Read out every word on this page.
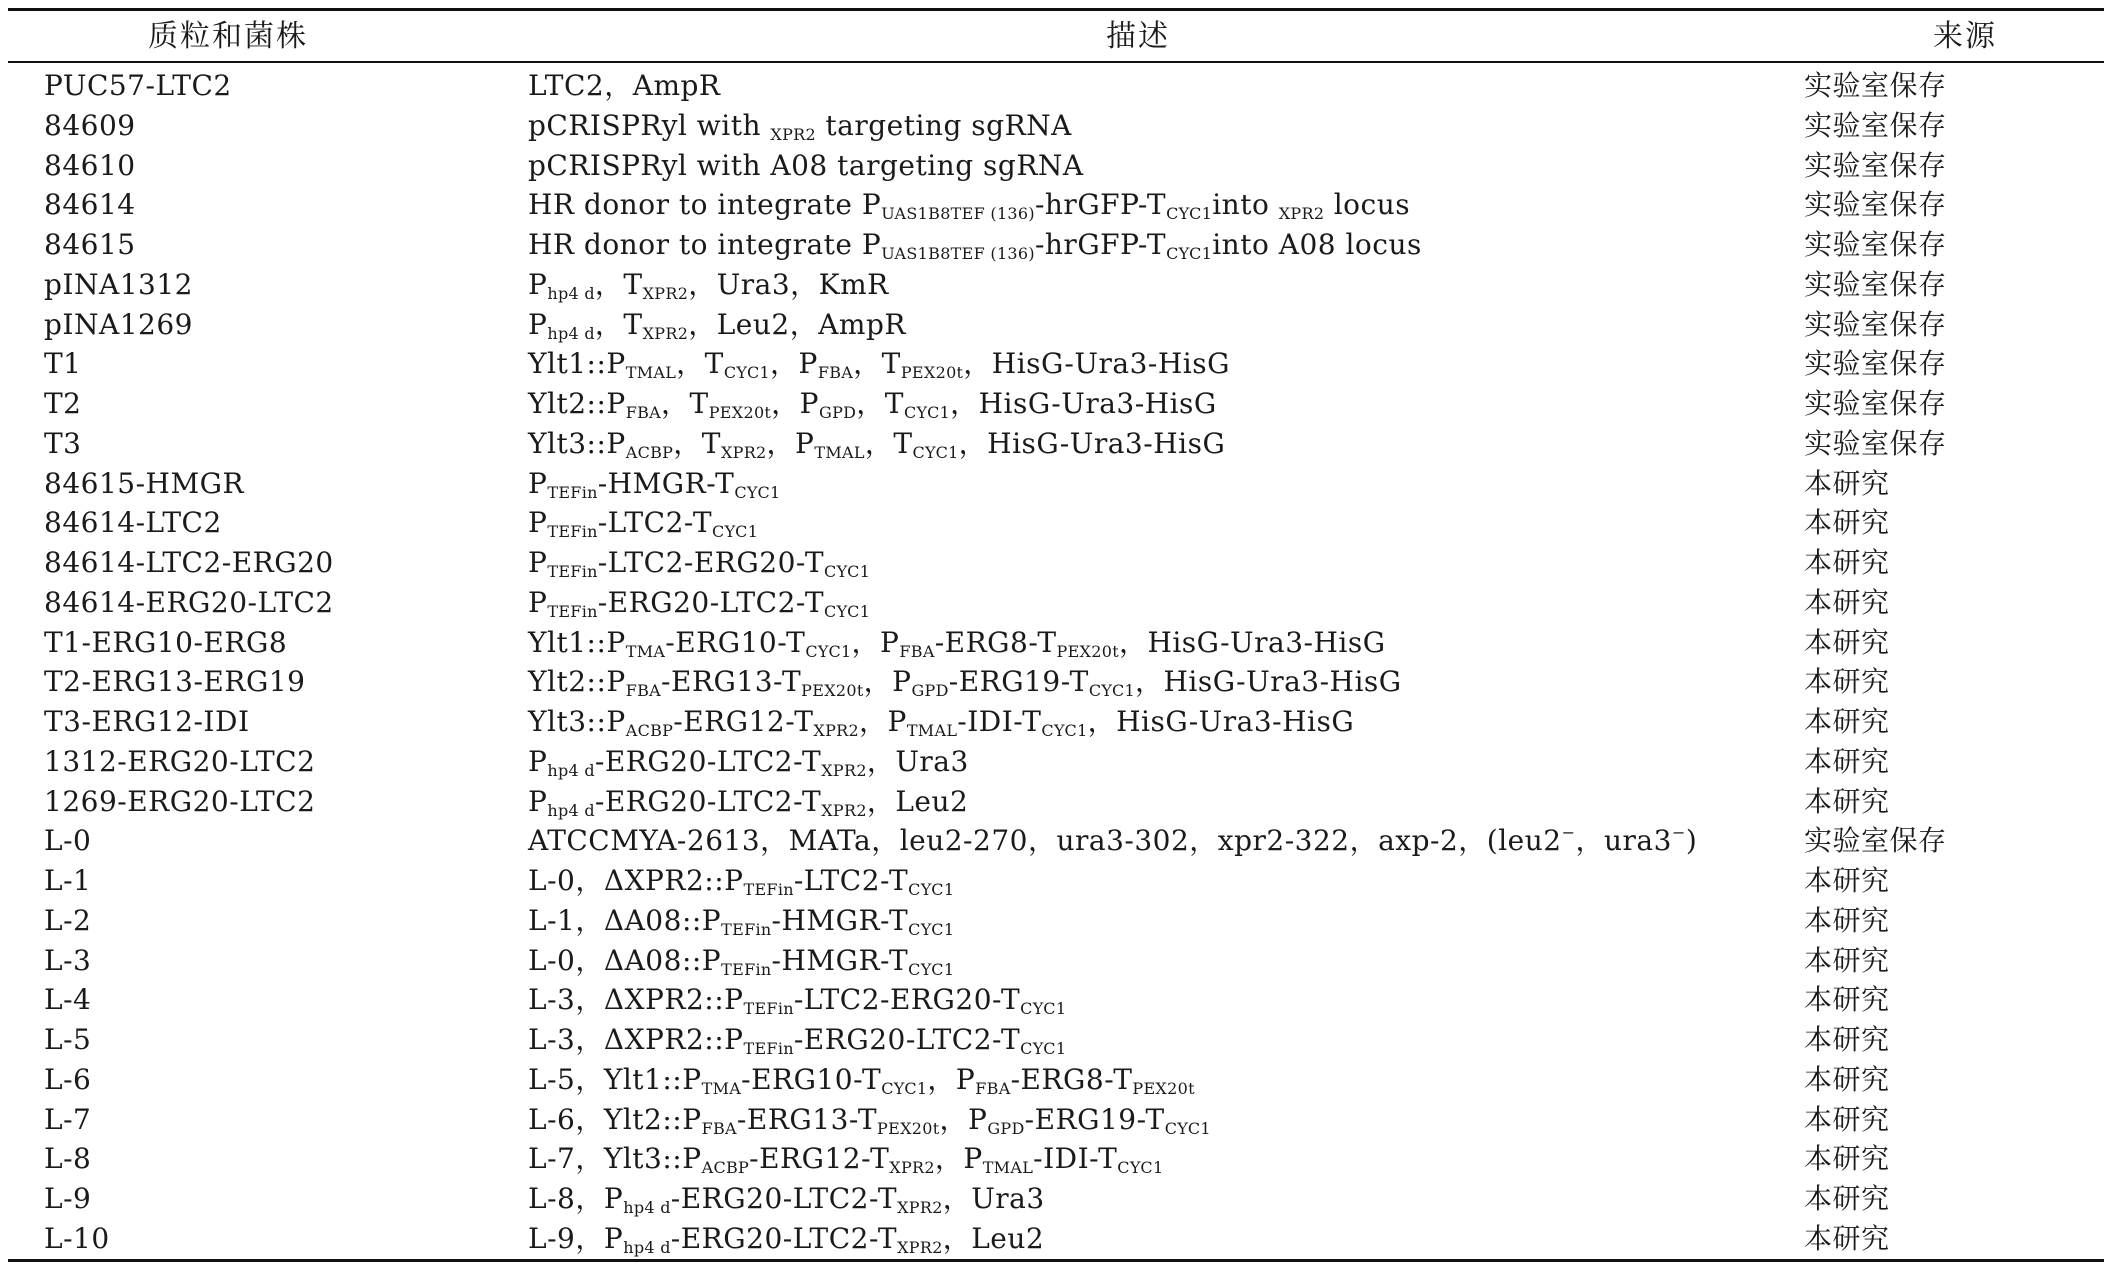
质粒和菌株	描述	来源
PUC57-LTC2	LTC2，AmpR	实验室保存
84609	pCRISPRyl with $_{XPR2}$ targeting sgRNA	实验室保存
84610	pCRISPRyl with A08 targeting sgRNA	实验室保存
84614	HR donor to integrate $P_{UAS1B8TEF (136)}-hrGFP-T_{CYC1}into$ $_{XPR2}$ locus	实验室保存
84615	HR donor to integrate $P_{UAS1B8TEF (136)}-hrGFP-T_{CYC1}into$ A08 locus	实验室保存
pINA1312	$P_{hp4 d}$，$T_{XPR2}$，Ura3，KmR	实验室保存
pINA1269	$P_{hp4 d}$，$T_{XPR2}$，Leu2，AmpR	实验室保存
T1	$Ylt1::P_{TMAL}$，$T_{CYC1}$，$P_{FBA}$，$T_{PEX20t}$，HisG-Ura3-HisG	实验室保存
T2	$Ylt2::P_{FBA}$，$T_{PEX20t}$，$P_{GPD}$，$T_{CYC1}$，HisG-Ura3-HisG	实验室保存
T3	$Ylt3::P_{ACBP}$，$T_{XPR2}$，$P_{TMAL}$，$T_{CYC1}$，HisG-Ura3-HisG	实验室保存
84615-HMGR	$P_{TEFin}-HMGR-T_{CYC1}$	本研究
84614-LTC2	$P_{TEFin}-LTC2-T_{CYC1}$	本研究
84614-LTC2-ERG20	$P_{TEFin}-LTC2-ERG20-T_{CYC1}$	本研究
84614-ERG20-LTC2	$P_{TEFin}-ERG20-LTC2-T_{CYC1}$	本研究
T1-ERG10-ERG8	$Ylt1::P_{TMA}-ERG10-T_{CYC1}$，$P_{FBA}-ERG8-T_{PEX20t}$，HisG-Ura3-HisG	本研究
T2-ERG13-ERG19	$Ylt2::P_{FBA}-ERG13-T_{PEX20t}$，$P_{GPD}-ERG19-T_{CYC1}$，HisG-Ura3-HisG	本研究
T3-ERG12-IDI	$Ylt3::P_{ACBP}-ERG12-T_{XPR2}$，$P_{TMAL}-IDI-T_{CYC1}$，HisG-Ura3-HisG	本研究
1312-ERG20-LTC2	$P_{hp4 d}-ERG20-LTC2-T_{XPR2}$，Ura3	本研究
1269-ERG20-LTC2	$P_{hp4 d}-ERG20-LTC2-T_{XPR2}$，Leu2	本研究
L-0	ATCCMYA-2613，MATa，leu2-270，ura3-302，xpr2-322，axp-2，(leu2−，ura3−)	实验室保存
L-1	L-0，$\Delta XPR2::P_{TEFin}-LTC2-T_{CYC1}$	本研究
L-2	L-1，$\Delta A08::P_{TEFin}-HMGR-T_{CYC1}$	本研究
L-3	L-0，$\Delta A08::P_{TEFin}-HMGR-T_{CYC1}$	本研究
L-4	L-3，$\Delta XPR2::P_{TEFin}-LTC2-ERG20-T_{CYC1}$	本研究
L-5	L-3，$\Delta XPR2::P_{TEFin}-ERG20-LTC2-T_{CYC1}$	本研究
L-6	L-5，$Ylt1::P_{TMA}-ERG10-T_{CYC1}$，$P_{FBA}-ERG8-T_{PEX20t}$	本研究
L-7	L-6，$Ylt2::P_{FBA}-ERG13-T_{PEX20t}$，$P_{GPD}-ERG19-T_{CYC1}$	本研究
L-8	L-7，$Ylt3::P_{ACBP}-ERG12-T_{XPR2}$，$P_{TMAL}-IDI-T_{CYC1}$	本研究
L-9	L-8，$P_{hp4 d}-ERG20-LTC2-T_{XPR2}$，Ura3	本研究
L-10	L-9，$P_{hp4 d}-ERG20-LTC2-T_{XPR2}$，Leu2	本研究
